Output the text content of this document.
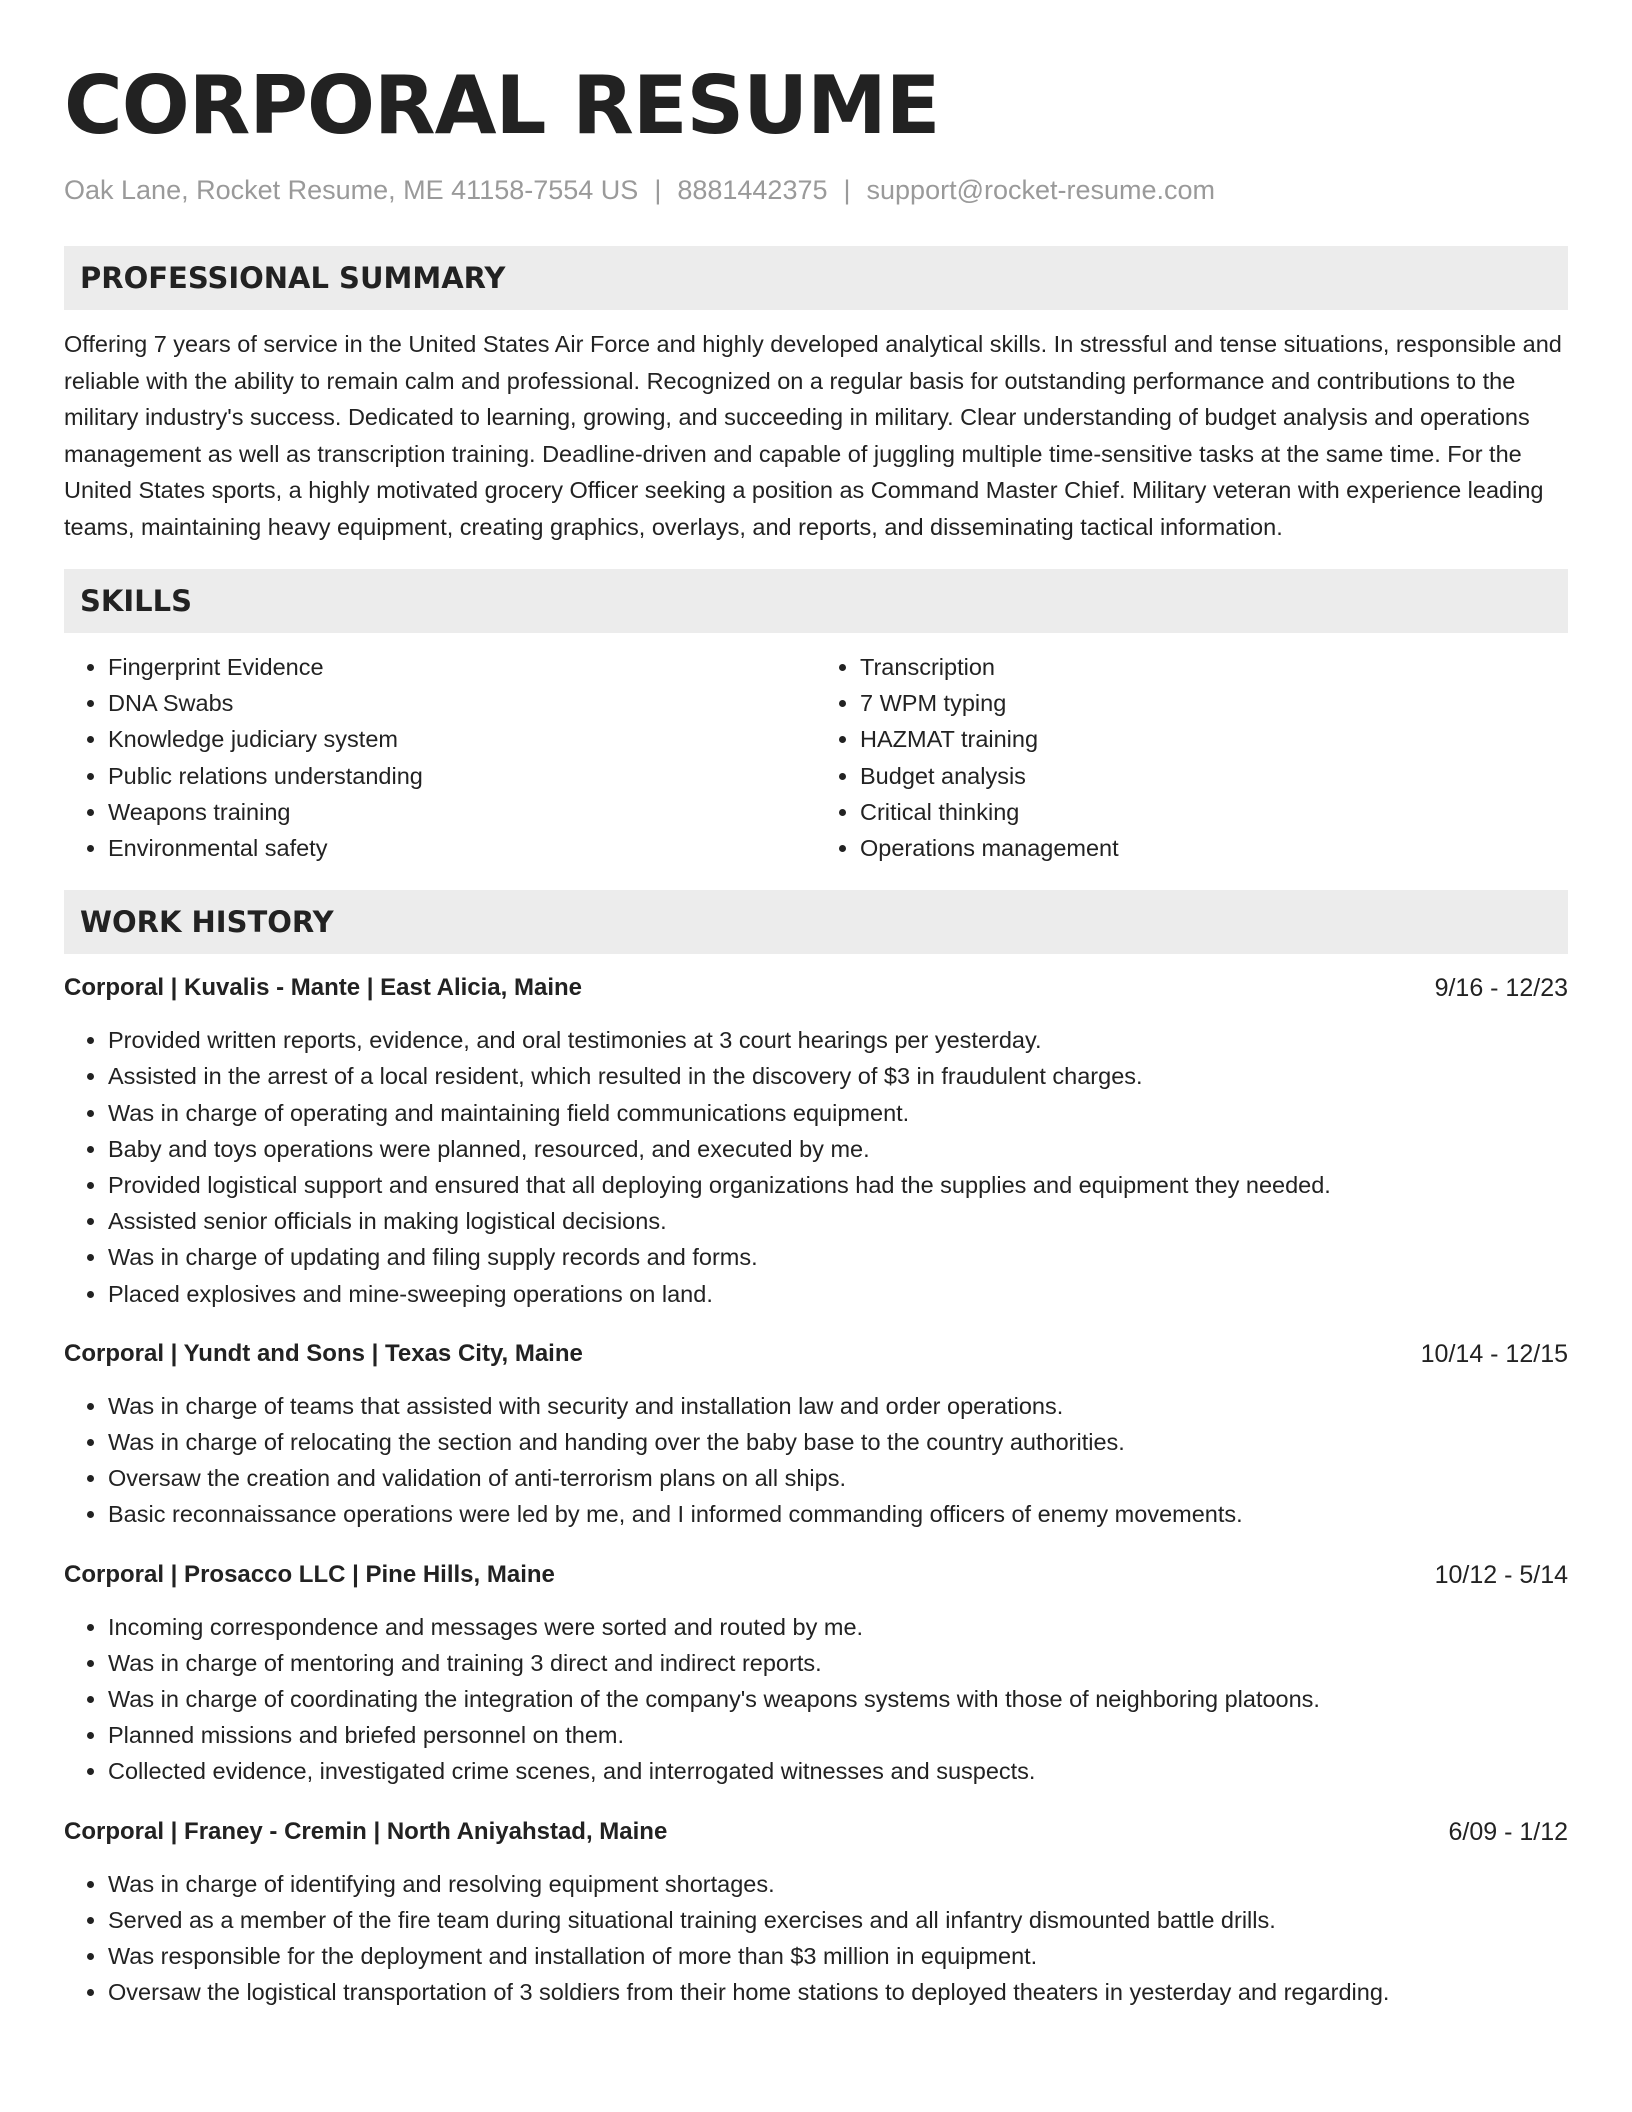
CORPORAL RESUME
Oak Lane, Rocket Resume, ME 41158-7554 US | 8881442375 | support@rocket-resume.com
PROFESSIONAL SUMMARY

Offering 7 years of service in the United States Air Force and highly developed analytical skills. In stressful and tense situations, responsible and reliable with the ability to remain calm and professional. Recognized on a regular basis for outstanding performance and contributions to the military industry's success. Dedicated to learning, growing, and succeeding in military. Clear understanding of budget analysis and operations management as well as transcription training. Deadline-driven and capable of juggling multiple time-sensitive tasks at the same time. For the United States sports, a highly motivated grocery Officer seeking a position as Command Master Chief. Military veteran with experience leading teams, maintaining heavy equipment, creating graphics, overlays, and reports, and disseminating tactical information.

SKILLS
• Fingerprint Evidence
• DNA Swabs
• Knowledge judiciary system
• Public relations understanding
• Weapons training
• Environmental safety
• Transcription
• 7 WPM typing
• HAZMAT training
• Budget analysis
• Critical thinking
• Operations management
WORK HISTORY
Corporal | Kuvalis - Mante | East Alicia, Maine	9/16 - 12/23
• Provided written reports, evidence, and oral testimonies at 3 court hearings per yesterday.
• Assisted in the arrest of a local resident, which resulted in the discovery of $3 in fraudulent charges.
• Was in charge of operating and maintaining field communications equipment.
• Baby and toys operations were planned, resourced, and executed by me.
• Provided logistical support and ensured that all deploying organizations had the supplies and equipment they needed.
• Assisted senior officials in making logistical decisions.
• Was in charge of updating and filing supply records and forms.
• Placed explosives and mine-sweeping operations on land.
Corporal | Yundt and Sons | Texas City, Maine	10/14 - 12/15
• Was in charge of teams that assisted with security and installation law and order operations.
• Was in charge of relocating the section and handing over the baby base to the country authorities.
• Oversaw the creation and validation of anti-terrorism plans on all ships.
• Basic reconnaissance operations were led by me, and I informed commanding officers of enemy movements.
Corporal | Prosacco LLC | Pine Hills, Maine	10/12 - 5/14
• Incoming correspondence and messages were sorted and routed by me.
• Was in charge of mentoring and training 3 direct and indirect reports.
• Was in charge of coordinating the integration of the company's weapons systems with those of neighboring platoons.
• Planned missions and briefed personnel on them.
• Collected evidence, investigated crime scenes, and interrogated witnesses and suspects.
Corporal | Franey - Cremin | North Aniyahstad, Maine	6/09 - 1/12
• Was in charge of identifying and resolving equipment shortages.
• Served as a member of the fire team during situational training exercises and all infantry dismounted battle drills.
• Was responsible for the deployment and installation of more than $3 million in equipment.
• Oversaw the logistical transportation of 3 soldiers from their home stations to deployed theaters in yesterday and regarding.
